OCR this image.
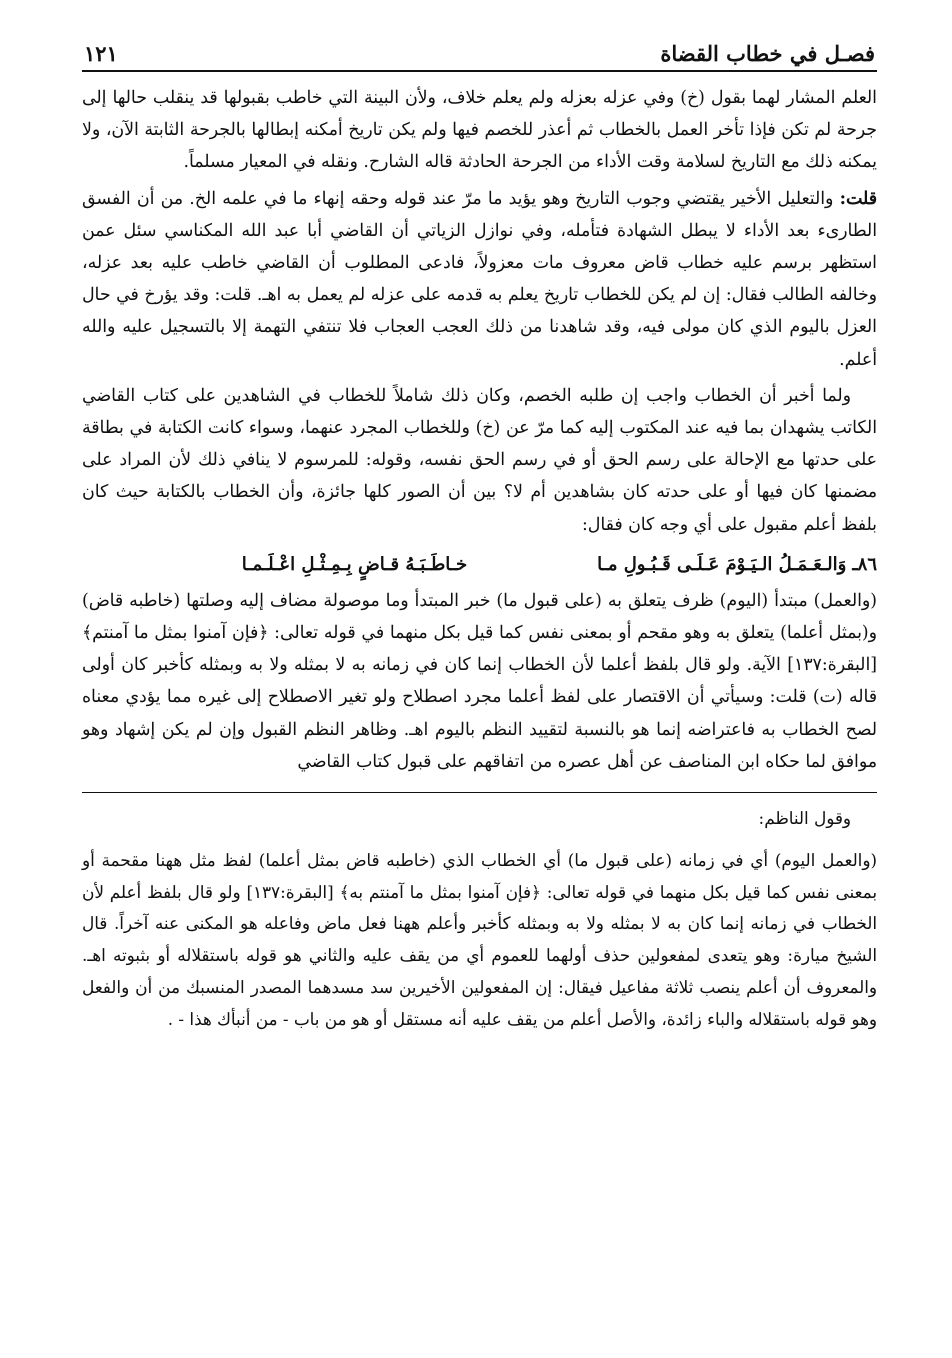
فصـل في خطاب القضاة
١٢١

العلم المشار لهما بقول (خ) وفي عزله بعزله ولم يعلم خلاف، ولأن البينة التي خاطب بقبولها قد ينقلب حالها إلى جرحة لم تكن فإذا تأخر العمل بالخطاب ثم أعذر للخصم فيها ولم يكن تاريخ أمكنه إبطالها بالجرحة الثابتة الآن، ولا يمكنه ذلك مع التاريخ لسلامة وقت الأداء من الجرحة الحادثة قاله الشارح. ونقله في المعيار مسلماً.

قلت: والتعليل الأخير يقتضي وجوب التاريخ وهو يؤيد ما مرّ عند قوله وحقه إنهاء ما في علمه الخ. من أن الفسق الطارىء بعد الأداء لا يبطل الشهادة فتأمله، وفي نوازل الزياتي أن القاضي أبا عبد الله المكناسي سئل عمن استظهر برسم عليه خطاب قاض معروف مات معزولاً، فادعى المطلوب أن القاضي خاطب عليه بعد عزله، وخالفه الطالب فقال: إن لم يكن للخطاب تاريخ يعلم به قدمه على عزله لم يعمل به اهـ. قلت: وقد يؤرخ في حال العزل باليوم الذي كان مولى فيه، وقد شاهدنا من ذلك العجب العجاب فلا تنتفي التهمة إلا بالتسجيل عليه والله أعلم.

ولما أخبر أن الخطاب واجب إن طلبه الخصم، وكان ذلك شاملاً للخطاب في الشاهدين على كتاب القاضي الكاتب يشهدان بما فيه عند المكتوب إليه كما مرّ عن (خ) وللخطاب المجرد عنهما، وسواء كانت الكتابة في بطاقة على حدتها مع الإحالة على رسم الحق أو في رسم الحق نفسه، وقوله: للمرسوم لا ينافي ذلك لأن المراد على مضمنها كان فيها أو على حدته كان بشاهدين أم لا؟ بين أن الصور كلها جائزة، وأن الخطاب بالكتابة حيث كان بلفظ أعلم مقبول على أي وجه كان فقال:

٨٦ـ
وَالـعَـمَـلُ الـيَـوْمَ عَـلَـى قَـبُـولِ مـا
خـاطَـبَـهُ قـاضٍ بِـمِـثْـلِ اعْـلَـمـا

(والعمل) مبتدأ (اليوم) ظرف يتعلق به (على قبول ما) خبر المبتدأ وما موصولة مضاف إليه وصلتها (خاطبه قاض) و(بمثل أعلما) يتعلق به وهو مقحم أو بمعنى نفس كما قيل بكل منهما في قوله تعالى: ﴿فإن آمنوا بمثل ما آمنتم﴾ [البقرة:١٣٧] الآية. ولو قال بلفظ أعلما لأن الخطاب إنما كان في زمانه به لا بمثله ولا به وبمثله كأخبر كان أولى قاله (ت) قلت: وسيأتي أن الاقتصار على لفظ أعلما مجرد اصطلاح ولو تغير الاصطلاح إلى غيره مما يؤدي معناه لصح الخطاب به فاعتراضه إنما هو بالنسبة لتقييد النظم باليوم اهـ. وظاهر النظم القبول وإن لم يكن إشهاد وهو موافق لما حكاه ابن المناصف عن أهل عصره من اتفاقهم على قبول كتاب القاضي

وقول الناظم:

(والعمل اليوم) أي في زمانه (على قبول ما) أي الخطاب الذي (خاطبه قاض بمثل أعلما) لفظ مثل ههنا مقحمة أو بمعنى نفس كما قيل بكل منهما في قوله تعالى: ﴿فإن آمنوا بمثل ما آمنتم به﴾ [البقرة:١٣٧] ولو قال بلفظ أعلم لأن الخطاب في زمانه إنما كان به لا بمثله ولا به وبمثله كأخبر وأعلم ههنا فعل ماض وفاعله هو المكنى عنه آخراً. قال الشيخ ميارة: وهو يتعدى لمفعولين حذف أولهما للعموم أي من يقف عليه والثاني هو قوله باستقلاله أو بثبوته اهـ. والمعروف أن أعلم ينصب ثلاثة مفاعيل فيقال: إن المفعولين الأخيرين سد مسدهما المصدر المنسبك من أن والفعل وهو قوله باستقلاله والباء زائدة، والأصل أعلم من يقف عليه أنه مستقل أو هو من باب - من أنبأك هذا - .
